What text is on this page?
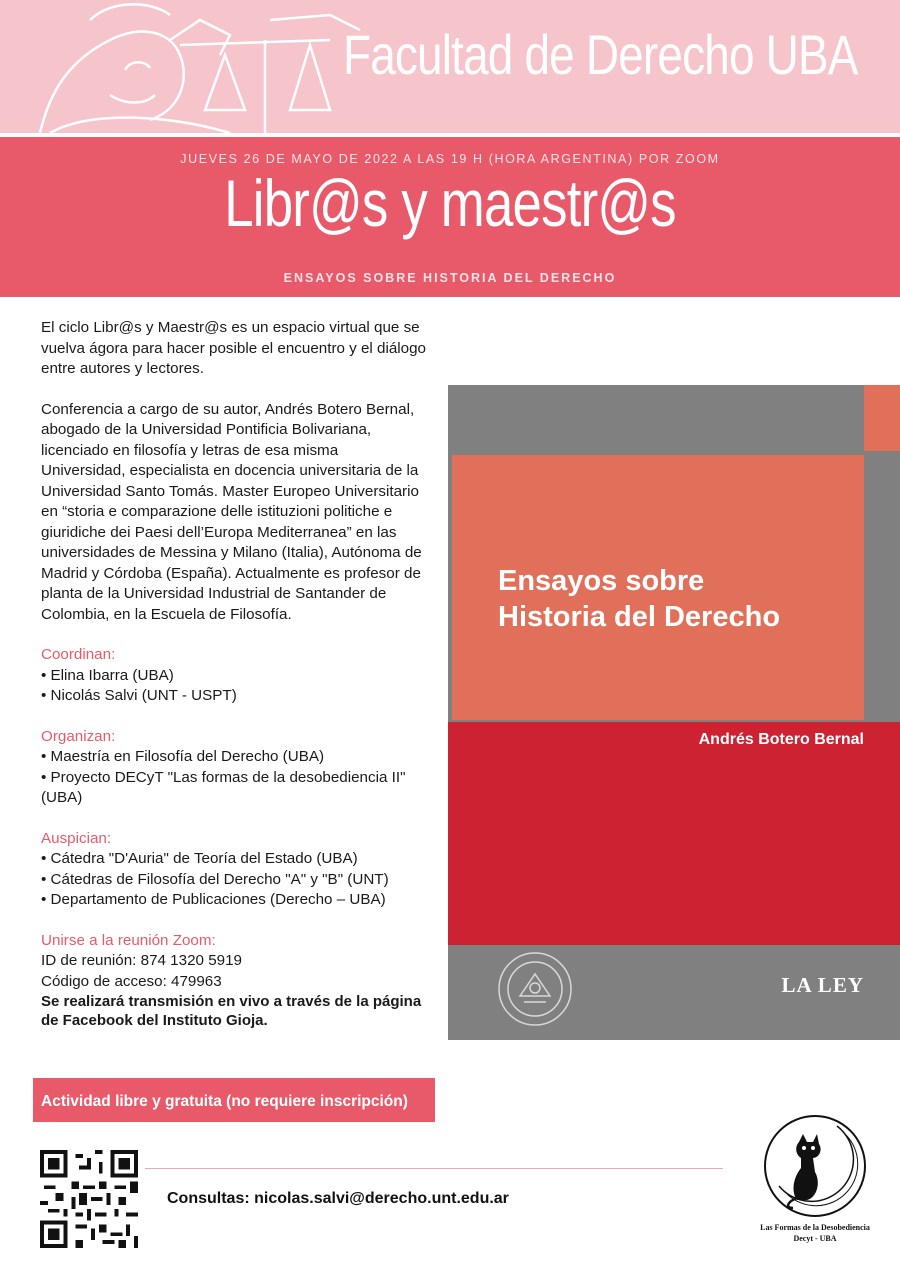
Facultad de Derecho UBA
JUEVES 26 DE MAYO DE 2022 A LAS 19 H (HORA ARGENTINA) POR ZOOM
Libr@s y maestr@s
ENSAYOS SOBRE HISTORIA DEL DERECHO

El ciclo Libr@s y Maestr@s es un espacio virtual que se vuelva ágora para hacer posible el encuentro y el diálogo entre autores y lectores.

Conferencia a cargo de su autor, Andrés Botero Bernal, abogado de la Universidad Pontificia Bolivariana, licenciado en filosofía y letras de esa misma Universidad, especialista en docencia universitaria de la Universidad Santo Tomás. Master Europeo Universitario en “storia e comparazione delle istituzioni politiche e giuridiche dei Paesi dell’Europa Mediterranea” en las universidades de Messina y Milano (Italia), Autónoma de Madrid y Córdoba (España). Actualmente es profesor de planta de la Universidad Industrial de Santander de Colombia, en la Escuela de Filosofía.

Coordinan:
• Elina Ibarra (UBA)
• Nicolás Salvi (UNT - USPT)
Organizan:
• Maestría en Filosofía del Derecho (UBA)
• Proyecto DECyT "Las formas de la desobediencia II" (UBA)
Auspician:
• Cátedra "D'Auria" de Teoría del Estado (UBA)
• Cátedras de Filosofía del Derecho "A" y "B" (UNT)
• Departamento de Publicaciones (Derecho – UBA)
Unirse a la reunión Zoom:
ID de reunión: 874 1320 5919
Código de acceso: 479963
Se realizará transmisión en vivo a través de la página de Facebook del Instituto Gioja.
Ensayos sobre
Historia del Derecho
Andrés Botero Bernal
LA LEY
Actividad libre y gratuita (no requiere inscripción)
Consultas: nicolas.salvi@derecho.unt.edu.ar
Las Formas de la Desobediencia
Decyt - UBA
